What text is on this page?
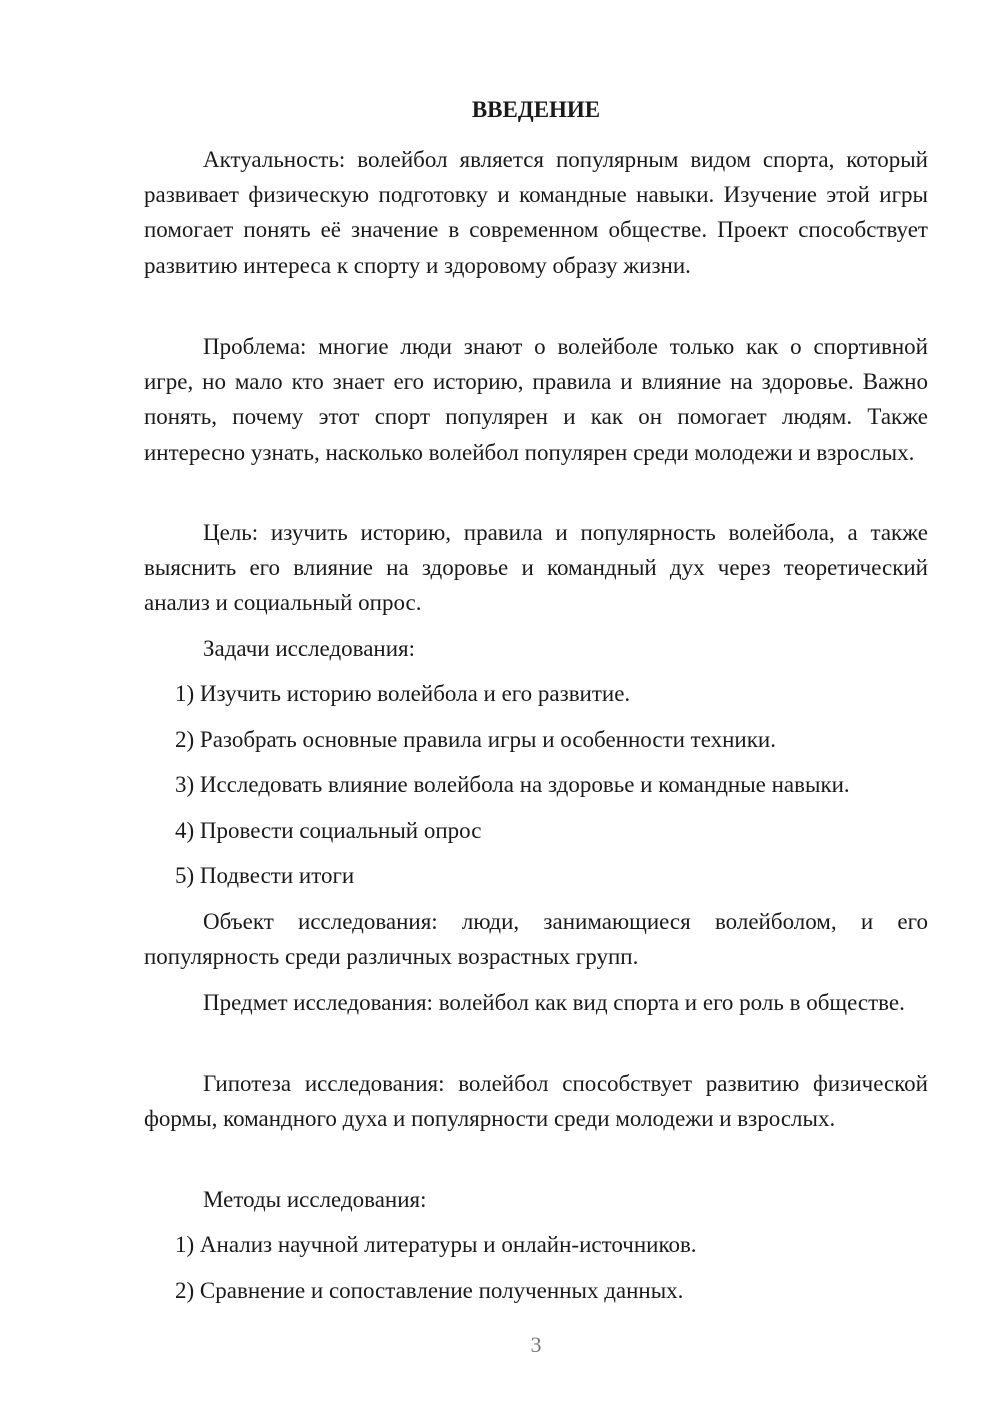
ВВЕДЕНИЕ

Актуальность: волейбол является популярным видом спорта, который развивает физическую подготовку и командные навыки. Изучение этой игры помогает понять её значение в современном обществе. Проект способствует развитию интереса к спорту и здоровому образу жизни.

Проблема: многие люди знают о волейболе только как о спортивной игре, но мало кто знает его историю, правила и влияние на здоровье. Важно понять, почему этот спорт популярен и как он помогает людям. Также интересно узнать, насколько волейбол популярен среди молодежи и взрослых.

Цель: изучить историю, правила и популярность волейбола, а также выяснить его влияние на здоровье и командный дух через теоретический анализ и социальный опрос.

Задачи исследования:

1) Изучить историю волейбола и его развитие.

2) Разобрать основные правила игры и особенности техники.

3) Исследовать влияние волейбола на здоровье и командные навыки.

4) Провести социальный опрос

5) Подвести итоги

Объект исследования: люди, занимающиеся волейболом, и его популярность среди различных возрастных групп.

Предмет исследования: волейбол как вид спорта и его роль в обществе.

Гипотеза исследования: волейбол способствует развитию физической формы, командного духа и популярности среди молодежи и взрослых.

Методы исследования:

1) Анализ научной литературы и онлайн-источников.

2) Сравнение и сопоставление полученных данных.

3
